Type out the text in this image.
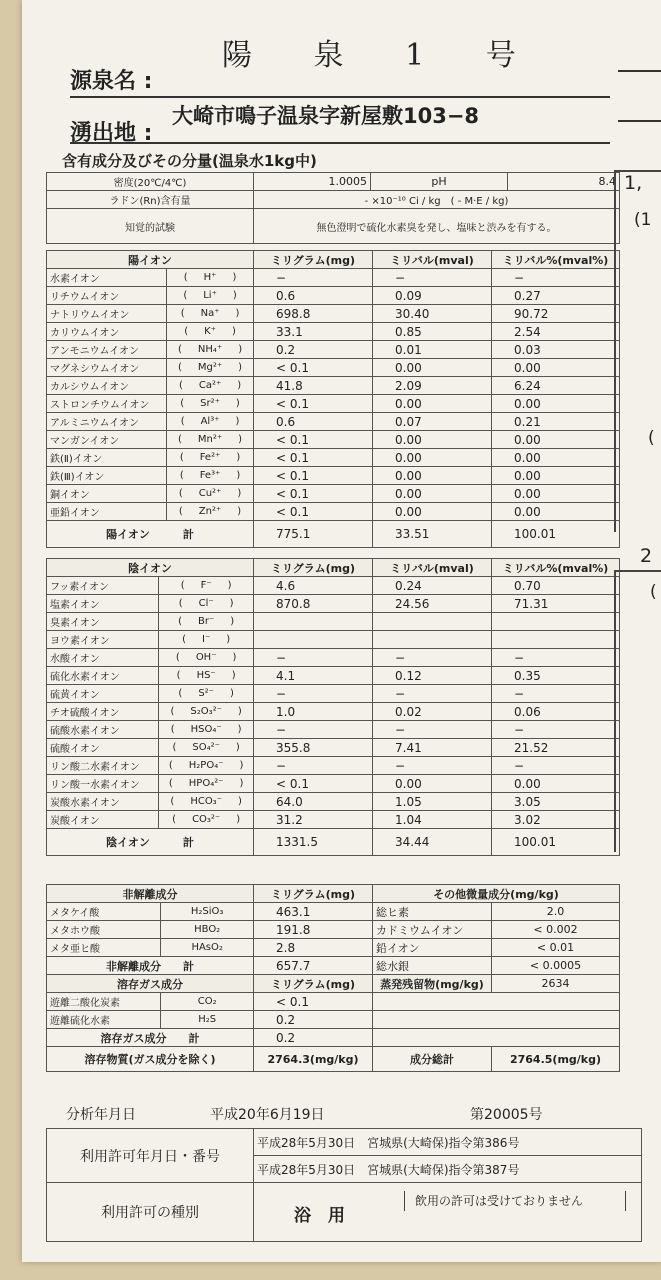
源泉名 :
陽 泉 1 号
湧出地 :
大崎市鳴子温泉字新屋敷103−8
含有成分及びその分量(温泉水1kg中)
密度(20℃/4℃)	1.0005	pH	8.4
ラドン(Rn)含有量	- ×10⁻¹⁰ Ci / kg　( - M·E / kg)		
知覚的試験	無色澄明で硫化水素臭を発し、塩味と渋みを有する。		
陽イオン		ミリグラム(mg)	ミリバル(mval)	ミリバル%(mval%)
水素イオン	( H⁺ )	−	−	−
リチウムイオン	( Li⁺ )	0.6	0.09	0.27
ナトリウムイオン	( Na⁺ )	698.8	30.40	90.72
カリウムイオン	( K⁺ )	33.1	0.85	2.54
アンモニウムイオン	( NH₄⁺ )	0.2	0.01	0.03
マグネシウムイオン	( Mg²⁺ )	< 0.1	0.00	0.00
カルシウムイオン	( Ca²⁺ )	41.8	2.09	6.24
ストロンチウムイオン	( Sr²⁺ )	< 0.1	0.00	0.00
アルミニウムイオン	( Al³⁺ )	0.6	0.07	0.21
マンガンイオン	( Mn²⁺ )	< 0.1	0.00	0.00
鉄(Ⅱ)イオン	( Fe²⁺ )	< 0.1	0.00	0.00
鉄(Ⅲ)イオン	( Fe³⁺ )	< 0.1	0.00	0.00
銅イオン	( Cu²⁺ )	< 0.1	0.00	0.00
亜鉛イオン	( Zn²⁺ )	< 0.1	0.00	0.00
陽イオン　　　計		775.1	33.51	100.01
陰イオン		ミリグラム(mg)	ミリバル(mval)	ミリバル%(mval%)
フッ素イオン	( F⁻ )	4.6	0.24	0.70
塩素イオン	( Cl⁻ )	870.8	24.56	71.31
臭素イオン	( Br⁻ )			
ヨウ素イオン	( I⁻ )			
水酸イオン	( OH⁻ )	−	−	−
硫化水素イオン	( HS⁻ )	4.1	0.12	0.35
硫黄イオン	( S²⁻ )	−	−	−
チオ硫酸イオン	( S₂O₃²⁻ )	1.0	0.02	0.06
硫酸水素イオン	( HSO₄⁻ )	−	−	−
硫酸イオン	( SO₄²⁻ )	355.8	7.41	21.52
リン酸二水素イオン	( H₂PO₄⁻ )	−	−	−
リン酸一水素イオン	( HPO₄²⁻ )	< 0.1	0.00	0.00
炭酸水素イオン	( HCO₃⁻ )	64.0	1.05	3.05
炭酸イオン	( CO₃²⁻ )	31.2	1.04	3.02
陰イオン　　　計		1331.5	34.44	100.01
非解離成分		ミリグラム(mg)	その他微量成分(mg/kg)	
メタケイ酸	H₂SiO₃	463.1	総ヒ素	2.0
メタホウ酸	HBO₂	191.8	カドミウムイオン	< 0.002
メタ亜ヒ酸	HAsO₂	2.8	鉛イオン	< 0.01
非解離成分　　計		657.7	総水銀	< 0.0005
溶存ガス成分		ミリグラム(mg)	蒸発残留物(mg/kg)	2634
遊離二酸化炭素	CO₂	< 0.1		
遊離硫化水素	H₂S	0.2		
溶存ガス成分　　計		0.2		
溶存物質(ガス成分を除く)		2764.3(mg/kg)	成分総計	2764.5(mg/kg)
分析年月日	平成20年6月19日	第20005号
利用許可年月日・番号	平成28年5月30日　宮城県(大崎保)指令第386号
	平成28年5月30日　宮城県(大崎保)指令第387号
利用許可の種別	浴　用
飲用の許可は受けておりません
1,
(1
(
2
(
